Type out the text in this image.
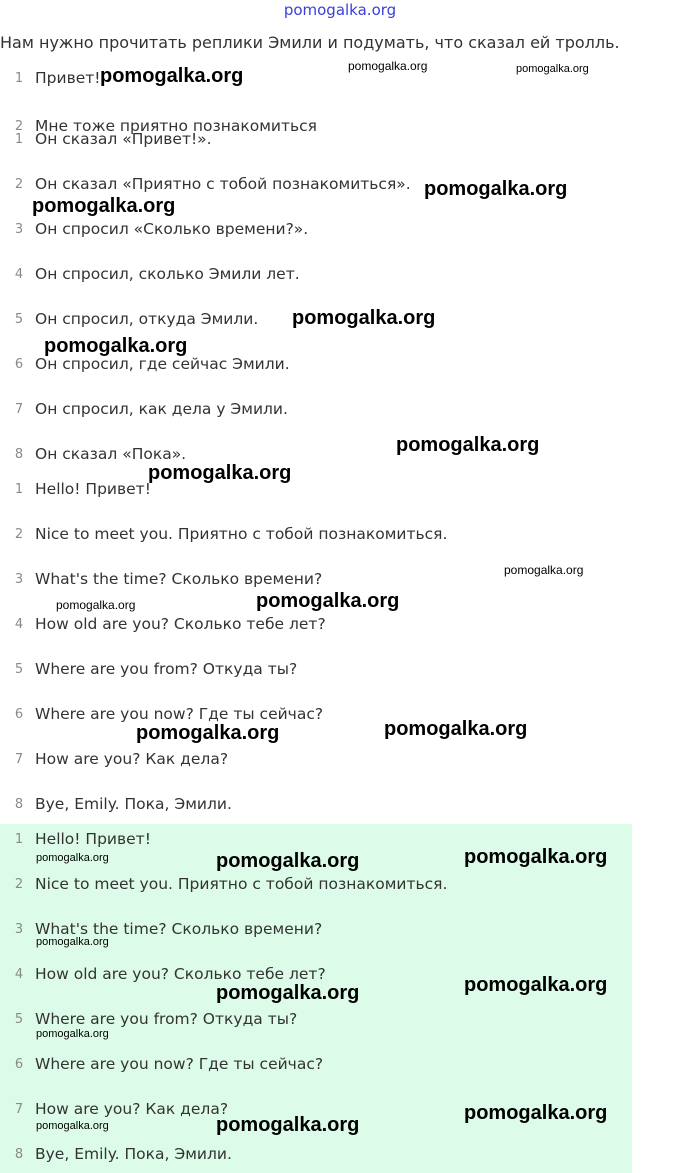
pomogalka.org
Нам нужно прочитать реплики Эмили и подумать, что сказал ей тролль.
1 Привет!
2 Мне тоже приятно познакомиться
1 Он сказал «Привет!».
2 Он сказал «Приятно с тобой познакомиться».
3 Он спросил «Сколько времени?».
4 Он спросил, сколько Эмили лет.
5 Он спросил, откуда Эмили.
6 Он спросил, где сейчас Эмили.
7 Он спросил, как дела у Эмили.
8 Он сказал «Пока».
1 Hello! Привет!
2 Nice to meet you. Приятно с тобой познакомиться.
3 What's the time? Сколько времени?
4 How old are you? Сколько тебе лет?
5 Where are you from? Откуда ты?
6 Where are you now? Где ты сейчас?
7 How are you? Как дела?
8 Bye, Emily. Пока, Эмили.
1 Hello! Привет!
2 Nice to meet you. Приятно с тобой познакомиться.
3 What's the time? Сколько времени?
4 How old are you? Сколько тебе лет?
5 Where are you from? Откуда ты?
6 Where are you now? Где ты сейчас?
7 How are you? Как дела?
8 Bye, Emily. Пока, Эмили.
pomogalka.org	pomogalka.org	pomogalka.org
pomogalka.org
pomogalka.org
pomogalka.org
pomogalka.org
pomogalka.org
pomogalka.org
pomogalka.org
pomogalka.org
pomogalka.org
pomogalka.org
pomogalka.org
pomogalka.org	pomogalka.org
pomogalka.org
pomogalka.org
pomogalka.org
pomogalka.org
pomogalka.org
pomogalka.org
pomogalka.org	pomogalka.org
